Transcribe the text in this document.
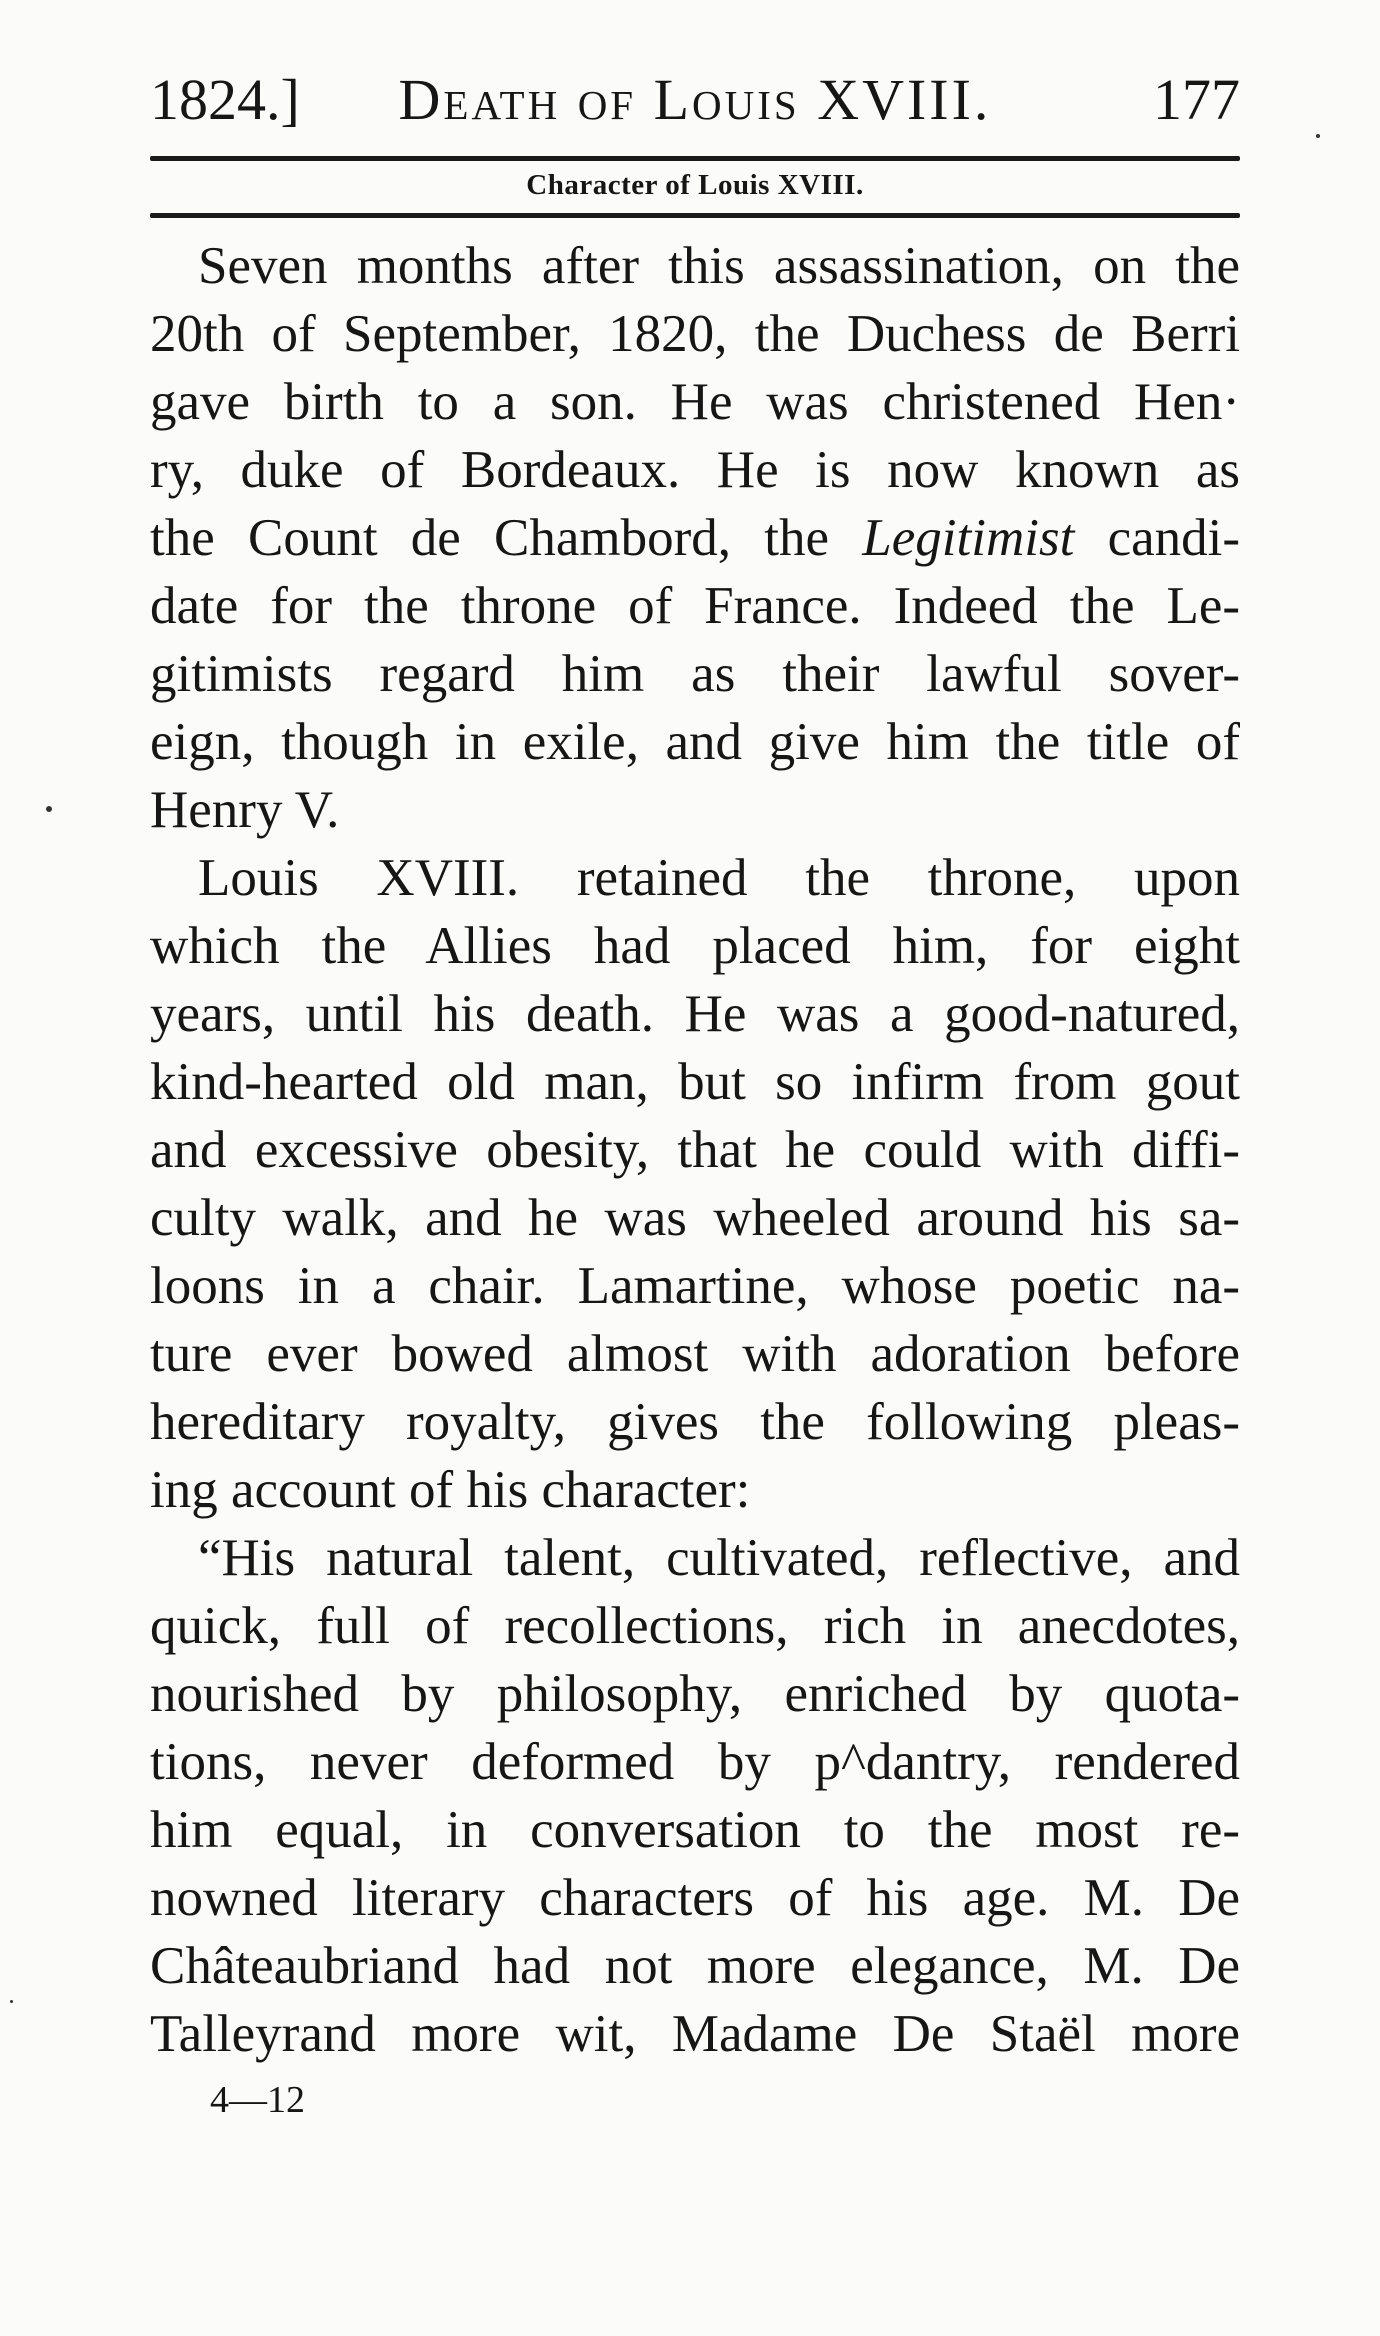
1824.]	Death of Louis XVIII.	177
Character of Louis XVIII.
Seven months after this assassination, on the
20th of September, 1820, the Duchess de Berri
gave birth to a son. He was christened Hen·
ry, duke of Bordeaux. He is now known as
the Count de Chambord, the Legitimist candi-
date for the throne of France. Indeed the Le-
gitimists regard him as their lawful sover-
eign, though in exile, and give him the title of
Henry V.
Louis XVIII. retained the throne, upon
which the Allies had placed him, for eight
years, until his death. He was a good-natured,
kind-hearted old man, but so infirm from gout
and excessive obesity, that he could with diffi-
culty walk, and he was wheeled around his sa-
loons in a chair. Lamartine, whose poetic na-
ture ever bowed almost with adoration before
hereditary royalty, gives the following pleas-
ing account of his character:
“His natural talent, cultivated, reflective, and
quick, full of recollections, rich in anecdotes,
nourished by philosophy, enriched by quota-
tions, never deformed by p^dantry, rendered
him equal, in conversation to the most re-
nowned literary characters of his age. M. De
Châteaubriand had not more elegance, M. De
Talleyrand more wit, Madame De Staël more
4—12
